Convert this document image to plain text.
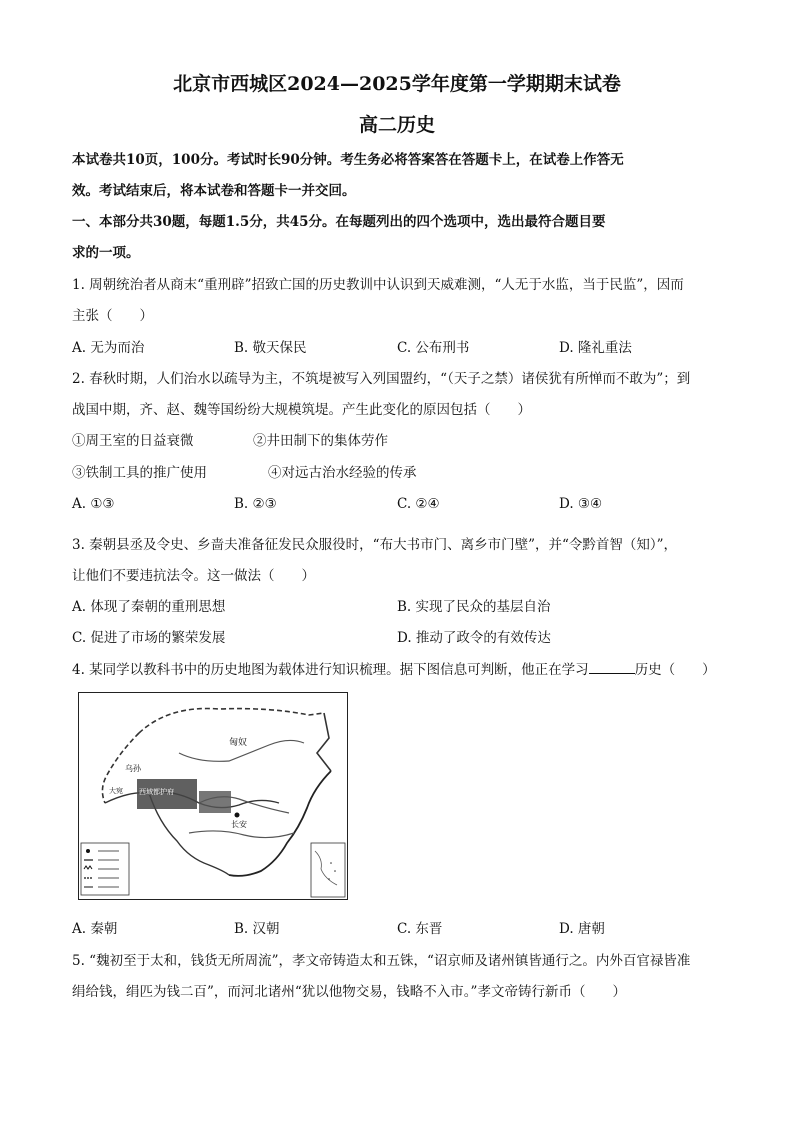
北京市西城区2024—2025学年度第一学期期末试卷
高二历史
本试卷共10页，100分。考试时长90分钟。考生务必将答案答在答题卡上，在试卷上作答无
效。考试结束后，将本试卷和答题卡一并交回。
一、本部分共30题，每题1.5分，共45分。在每题列出的四个选项中，选出最符合题目要
求的一项。
1. 周朝统治者从商末“重刑辟”招致亡国的历史教训中认识到天威难测，“人无于水监，当于民监”，因而
主张（　　）
A. 无为而治	B. 敬天保民	C. 公布刑书	D. 隆礼重法
2. 春秋时期，人们治水以疏导为主，不筑堤被写入列国盟约，“（天子之禁）诸侯犹有所惮而不敢为”；到
战国中期，齐、赵、魏等国纷纷大规模筑堤。产生此变化的原因包括（　　）
①周王室的日益衰微	②井田制下的集体劳作
③铁制工具的推广使用	④对远古治水经验的传承
A. ①③	B. ②③	C. ②④	D. ③④
3. 秦朝县丞及令史、乡啬夫准备征发民众服役时，“布大书市门、离乡市门壁”，并“令黔首智（知）”，
让他们不要违抗法令。这一做法（　　）
A. 体现了秦朝的重刑思想	B. 实现了民众的基层自治
C. 促进了市场的繁荣发展	D. 推动了政令的有效传达
4. 某同学以教科书中的历史地图为载体进行知识梳理。据下图信息可判断，他正在学习	历史（　　）
匈奴
乌孙
西域都护府
大宛
长安
A. 秦朝	B. 汉朝	C. 东晋	D. 唐朝
5. “魏初至于太和，钱货无所周流”，孝文帝铸造太和五铢，“诏京师及诸州镇皆通行之。内外百官禄皆准
绢给钱，绢匹为钱二百”，而河北诸州“犹以他物交易，钱略不入市。”孝文帝铸行新币（　　）
